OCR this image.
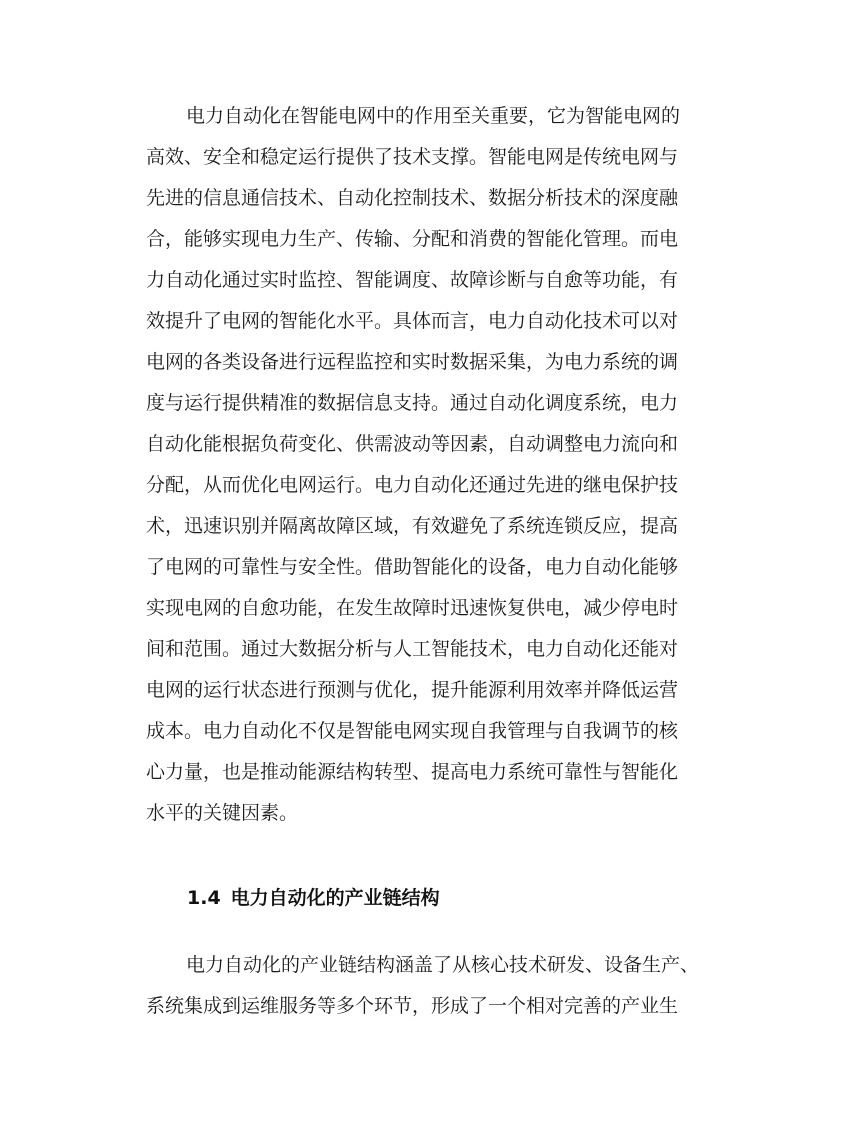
电力自动化在智能电网中的作用至关重要，它为智能电网的
高效、安全和稳定运行提供了技术支撑。智能电网是传统电网与
先进的信息通信技术、自动化控制技术、数据分析技术的深度融
合，能够实现电力生产、传输、分配和消费的智能化管理。而电
力自动化通过实时监控、智能调度、故障诊断与自愈等功能，有
效提升了电网的智能化水平。具体而言，电力自动化技术可以对
电网的各类设备进行远程监控和实时数据采集，为电力系统的调
度与运行提供精准的数据信息支持。通过自动化调度系统，电力
自动化能根据负荷变化、供需波动等因素，自动调整电力流向和
分配，从而优化电网运行。电力自动化还通过先进的继电保护技
术，迅速识别并隔离故障区域，有效避免了系统连锁反应，提高
了电网的可靠性与安全性。借助智能化的设备，电力自动化能够
实现电网的自愈功能，在发生故障时迅速恢复供电，减少停电时
间和范围。通过大数据分析与人工智能技术，电力自动化还能对
电网的运行状态进行预测与优化，提升能源利用效率并降低运营
成本。电力自动化不仅是智能电网实现自我管理与自我调节的核
心力量，也是推动能源结构转型、提高电力系统可靠性与智能化
水平的关键因素。
1.4 电力自动化的产业链结构
电力自动化的产业链结构涵盖了从核心技术研发、设备生产、
系统集成到运维服务等多个环节，形成了一个相对完善的产业生
